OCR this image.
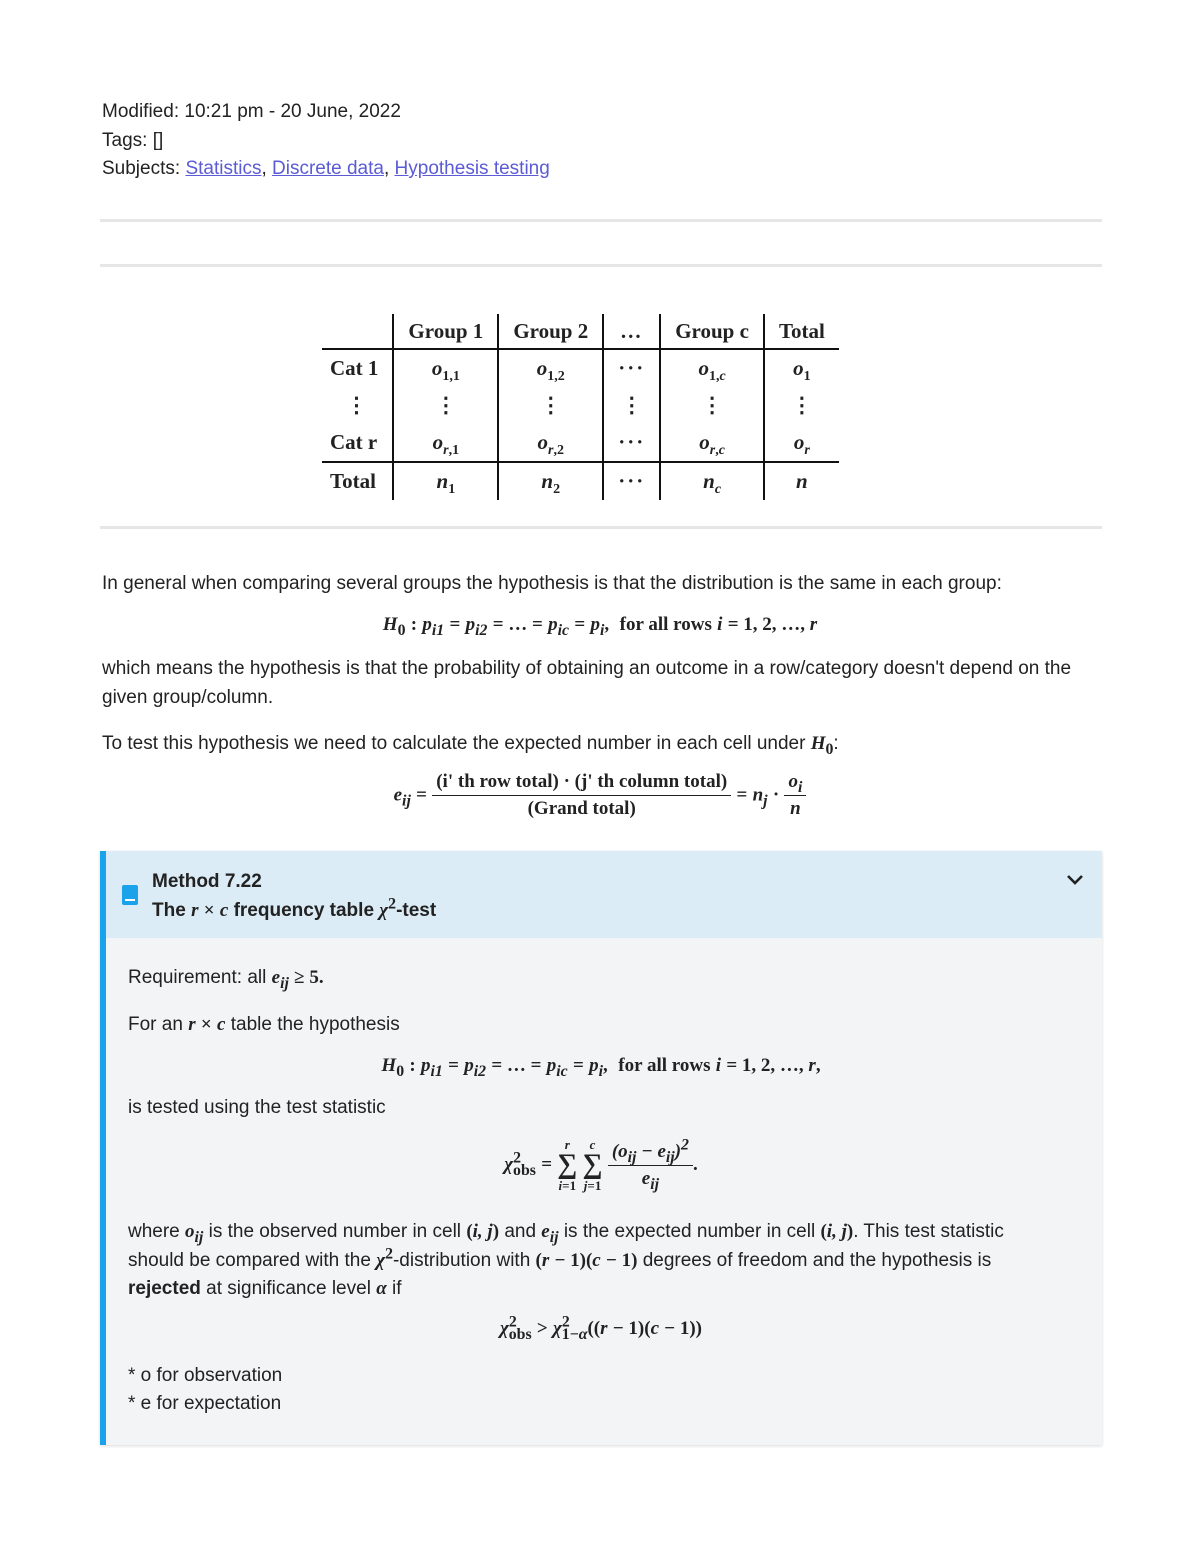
Modified: 10:21 pm - 20 June, 2022
Tags: []
Subjects: Statistics, Discrete data, Hypothesis testing
	Group 1	Group 2	...	Group c	Total
Cat 1	$o_{1,1}$	$o_{1,2}$	···	$o_{1,c}$	$o_1$
⋮	⋮	⋮	⋮	⋮	⋮
Cat r	$o_{r,1}$	$o_{r,2}$	···	$o_{r,c}$	$o_r$
Total	$n_1$	$n_2$	···	$n_c$	n

In general when comparing several groups the hypothesis is that the distribution is the same in each group:

$H_0$ : $p_{i1} = p_{i2}$ = … = $p_{ic} = p_i$, for all rows i = 1, 2, …, r

which means the hypothesis is that the probability of obtaining an outcome in a row/category doesn't depend on the given group/column.

To test this hypothesis we need to calculate the expected number in each cell under $H_0$:

$e_{ij} = \frac{\text{(i' th row total) · (j' th column total)}}{\text{(Grand total)}} = n_j \cdot \frac{o_i}{n}$
Method 7.22
The r × c frequency table $\chi^2$-test

Requirement: all $e_{ij} \ge 5$.

For an r × c table the hypothesis

$H_0$ : $p_{i1} = p_{i2}$ = … = $p_{ic} = p_i$, for all rows i = 1, 2, …, r,

is tested using the test statistic

$\chi^2_{obs} = r$
∑
i=1 c
∑
$j=1 \frac{(o_{ij} - e_{ij})^2}{e_{ij}}$ .

where $o_{ij}$ is the observed number in cell (i, j) and $e_{ij}$ is the expected number in cell (i, j). This test statistic should be compared with the $\chi^2$-distribution with (r − 1)(c − 1) degrees of freedom and the hypothesis is rejected at significance level α if

$\chi^2_{obs} > \chi^2_{1-\alpha}((r - 1)(c - 1))$

* o for observation

* e for expectation
